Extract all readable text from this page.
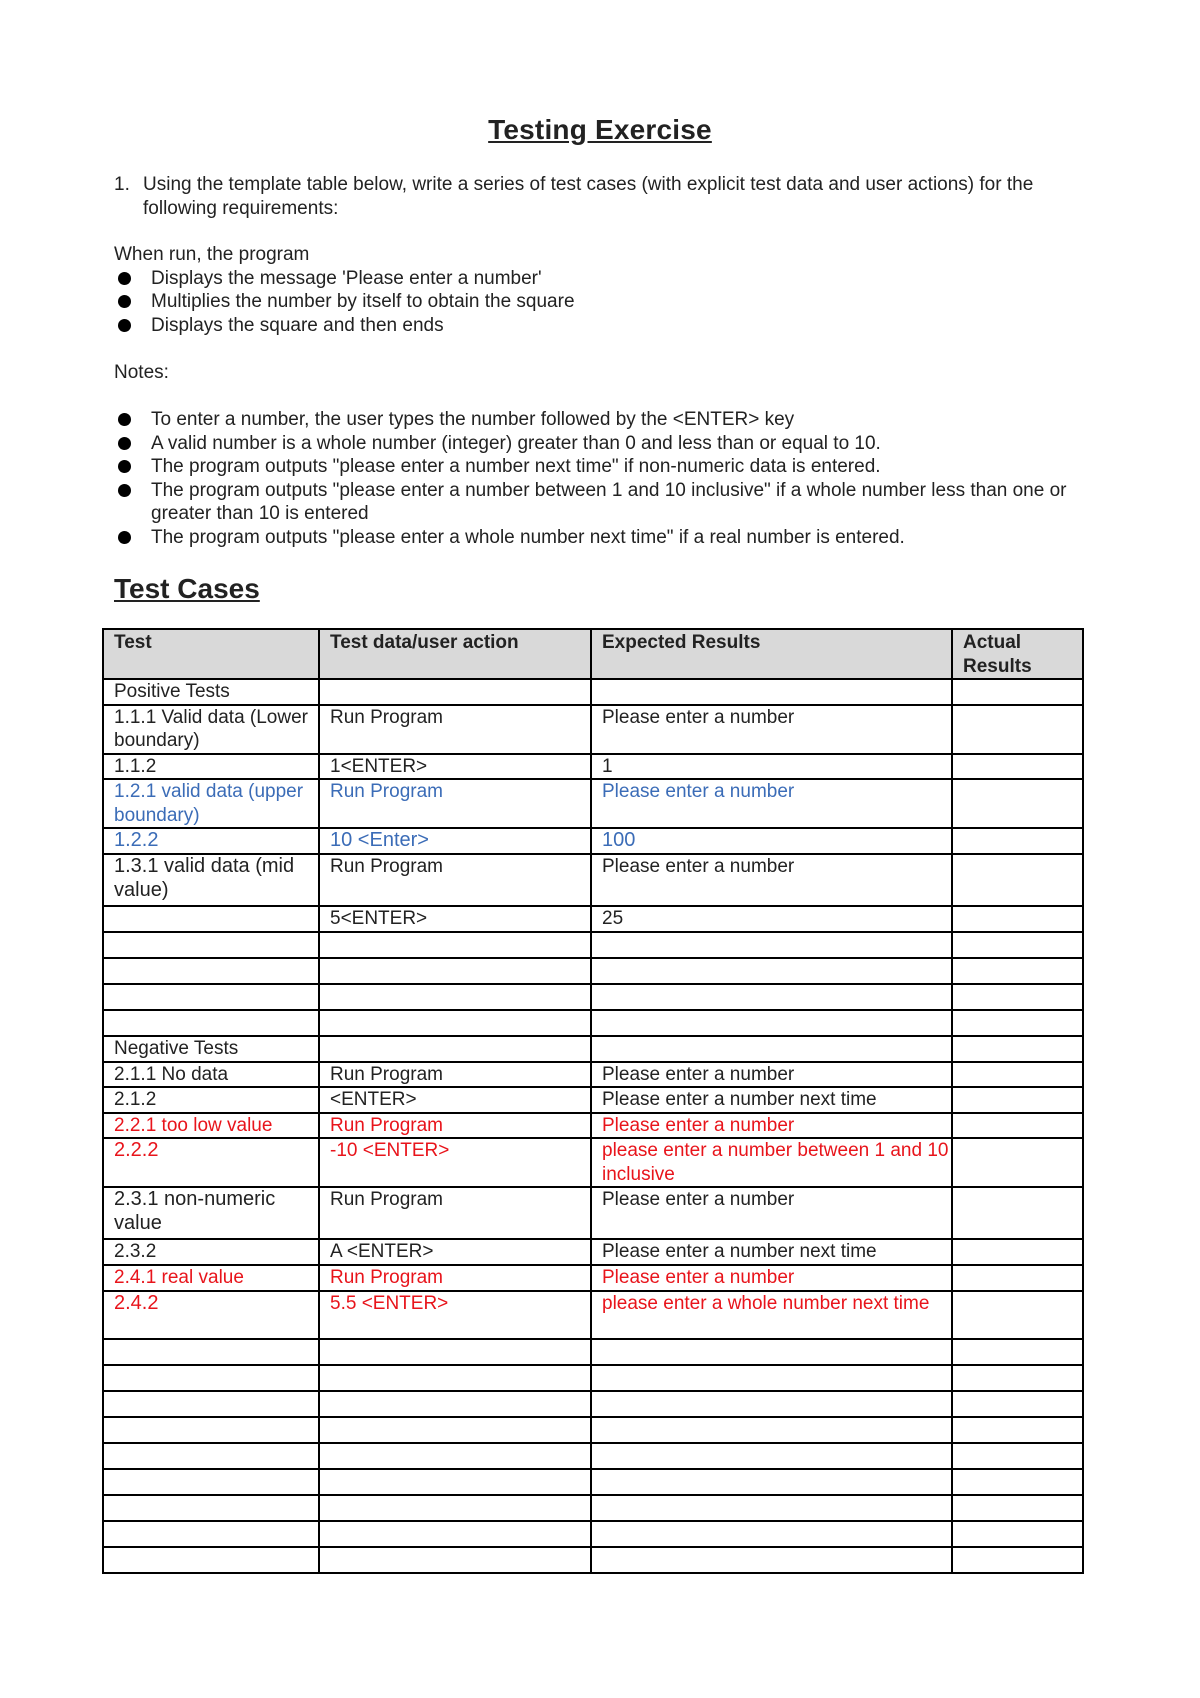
Testing Exercise
1. Using the template table below, write a series of test cases (with explicit test data and user actions) for the following requirements:
When run, the program
Displays the message 'Please enter a number'
Multiplies the number by itself to obtain the square
Displays the square and then ends
Notes:
To enter a number, the user types the number followed by the <ENTER> key
A valid number is a whole number (integer) greater than 0 and less than or equal to 10.
The program outputs "please enter a number next time" if non-numeric data is entered.
The program outputs "please enter a number between 1 and 10 inclusive" if a whole number less than one or greater than 10 is entered
The program outputs "please enter a whole number next time" if a real number is entered.
Test Cases
Test	Test data/user action	Expected Results	Actual Results
Positive Tests			
1.1.1 Valid data (Lower boundary)	Run Program	Please enter a number	
1.1.2	1<ENTER>	1	
1.2.1 valid data (upper boundary)	Run Program	Please enter a number	
1.2.2	10 <Enter>	100	
1.3.1 valid data (mid value)	Run Program	Please enter a number	
	5<ENTER>	25	

Negative Tests			
2.1.1 No data	Run Program	Please enter a number	
2.1.2	<ENTER>	Please enter a number next time	
2.2.1 too low value	Run Program	Please enter a number	
2.2.2	-10 <ENTER>	please enter a number between 1 and 10 inclusive	
2.3.1 non-numeric value	Run Program	Please enter a number	
2.3.2	A <ENTER>	Please enter a number next time	
2.4.1 real value	Run Program	Please enter a number	
2.4.2	5.5 <ENTER>	please enter a whole number next time	
